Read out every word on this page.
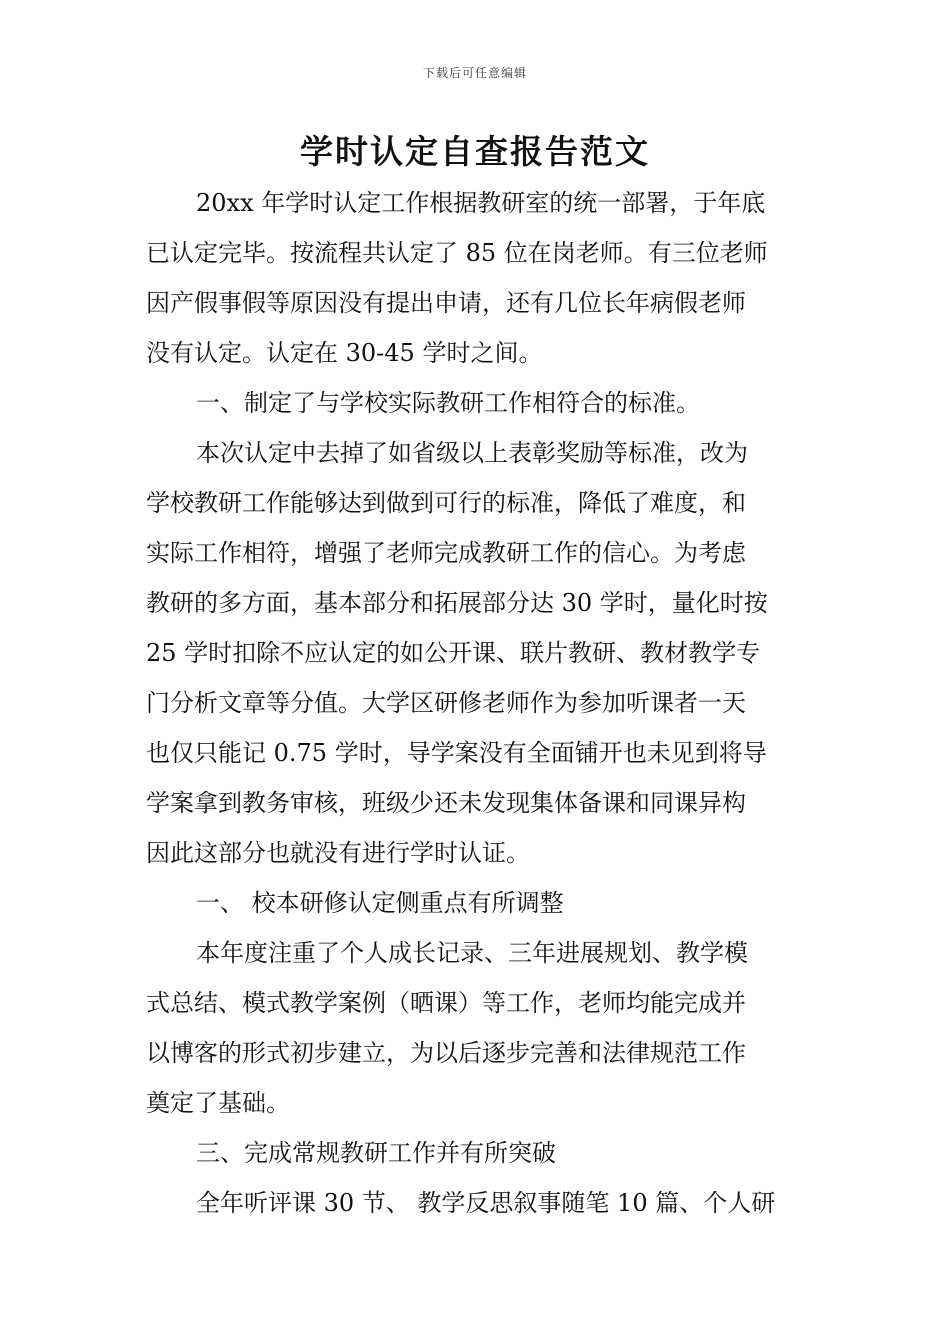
下载后可任意编辑
学时认定自查报告范文
20xx 年学时认定工作根据教研室的统一部署，于年底
已认定完毕。按流程共认定了 85 位在岗老师。有三位老师
因产假事假等原因没有提出申请，还有几位长年病假老师
没有认定。认定在 30-45 学时之间。
一、制定了与学校实际教研工作相符合的标准。
本次认定中去掉了如省级以上表彰奖励等标准，改为
学校教研工作能够达到做到可行的标准，降低了难度，和
实际工作相符，增强了老师完成教研工作的信心。为考虑
教研的多方面，基本部分和拓展部分达 30 学时，量化时按
25 学时扣除不应认定的如公开课、联片教研、教材教学专
门分析文章等分值。大学区研修老师作为参加听课者一天
也仅只能记 0.75 学时，导学案没有全面铺开也未见到将导
学案拿到教务审核，班级少还未发现集体备课和同课异构
因此这部分也就没有进行学时认证。
一、 校本研修认定侧重点有所调整
本年度注重了个人成长记录、三年进展规划、教学模
式总结、模式教学案例（晒课）等工作，老师均能完成并
以博客的形式初步建立，为以后逐步完善和法律规范工作
奠定了基础。
三、完成常规教研工作并有所突破
全年听评课 30 节、 教学反思叙事随笔 10 篇、个人研
